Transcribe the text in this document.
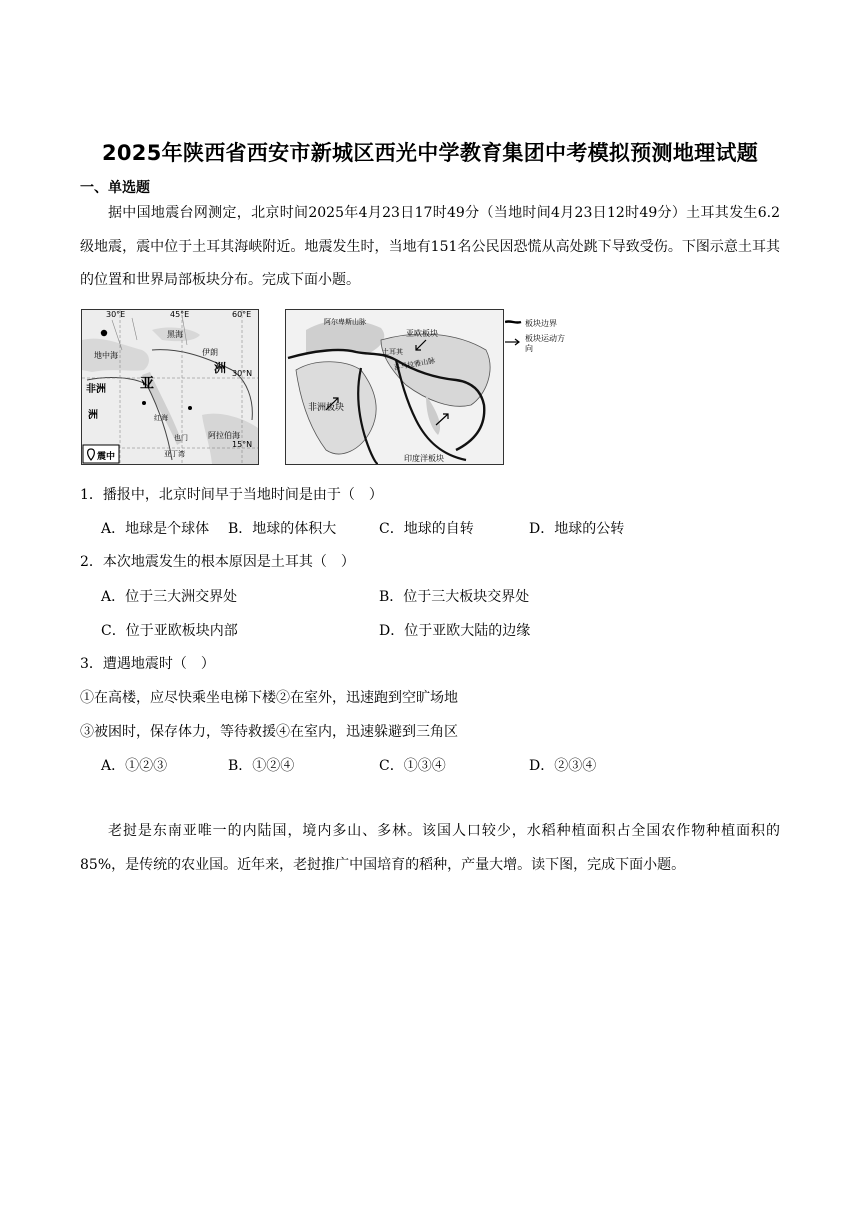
2025年陕西省西安市新城区西光中学教育集团中考模拟预测地理试题
一、单选题
据中国地震台网测定，北京时间2025年4月23日17时49分（当地时间4月23日12时49分）土耳其发生6.2级地震，震中位于土耳其海峡附近。地震发生时，当地有151名公民因恐慌从高处跳下导致受伤。下图示意土耳其的位置和世界局部板块分布。完成下面小题。
30°E	45°E	60°E
30°N
15°N
黑海
地中海
亚
非洲
洲
洲
伊朗
红海
也门	阿拉伯海
亚丁湾
震中
阿尔卑斯山脉
亚欧板块
土耳其
喜马拉雅山脉
非洲板块
印度洋板块
板块边界
板块运动方向
1．播报中，北京时间早于当地时间是由于（　）
A．地球是个球体 B．地球的体积大	C．地球的自转	D．地球的公转
2．本次地震发生的根本原因是土耳其（　）
A．位于三大洲交界处	B．位于三大板块交界处
C．位于亚欧板块内部	D．位于亚欧大陆的边缘
3．遭遇地震时（　）
①在高楼，应尽快乘坐电梯下楼②在室外，迅速跑到空旷场地
③被困时，保存体力，等待救援④在室内，迅速躲避到三角区
A．①②③	B．①②④	C．①③④	D．②③④
老挝是东南亚唯一的内陆国，境内多山、多林。该国人口较少，水稻种植面积占全国农作物种植面积的85%，是传统的农业国。近年来，老挝推广中国培育的稻种，产量大增。读下图，完成下面小题。
